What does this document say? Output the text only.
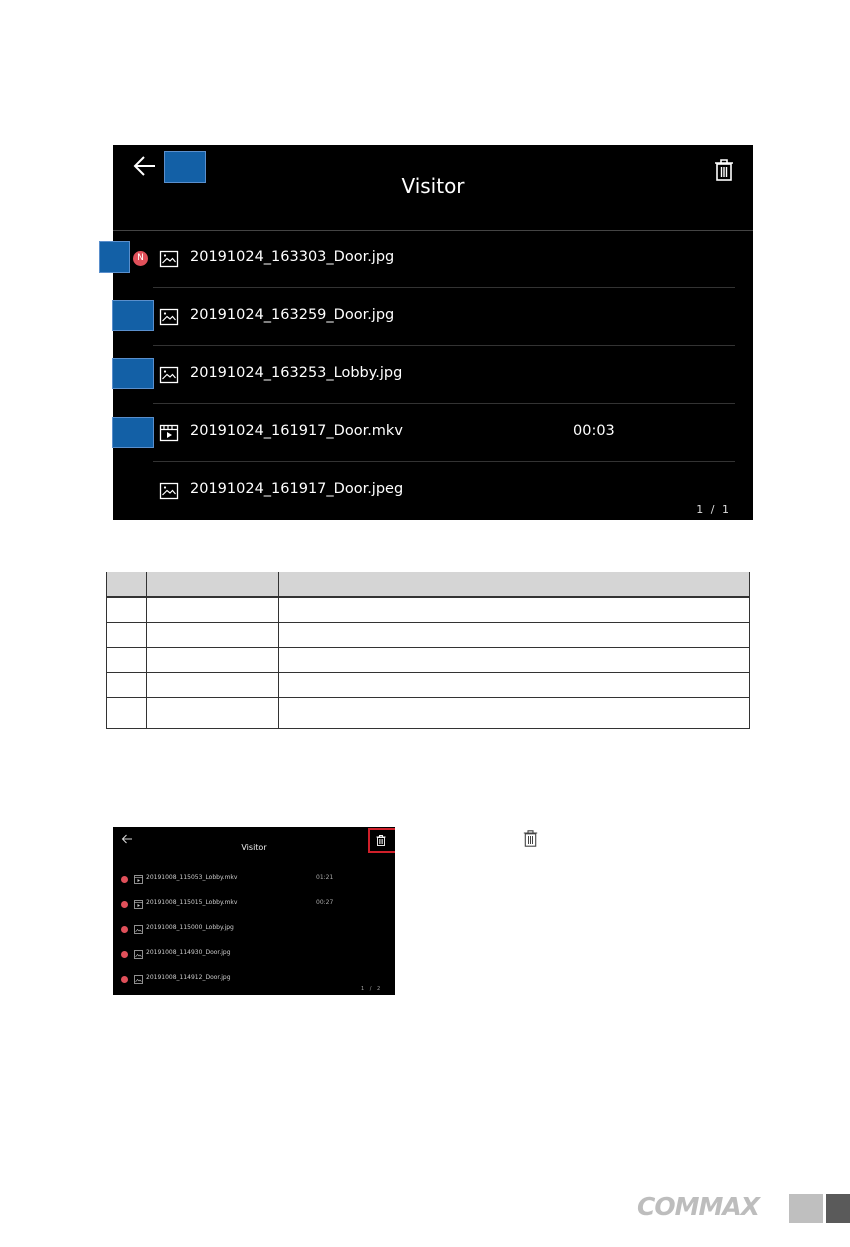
Visitor
N	20191024_163303_Door.jpg
20191024_163259_Door.jpg
20191024_163253_Lobby.jpg
20191024_161917_Door.mkv	00:03
20191024_161917_Door.jpeg
1 / 1

Visitor
20191008_115053_Lobby.mkv	01:21
20191008_115015_Lobby.mkv	00:27
20191008_115000_Lobby.jpg
20191008_114930_Door.jpg
20191008_114912_Door.jpg
1 / 2
COMMAX
